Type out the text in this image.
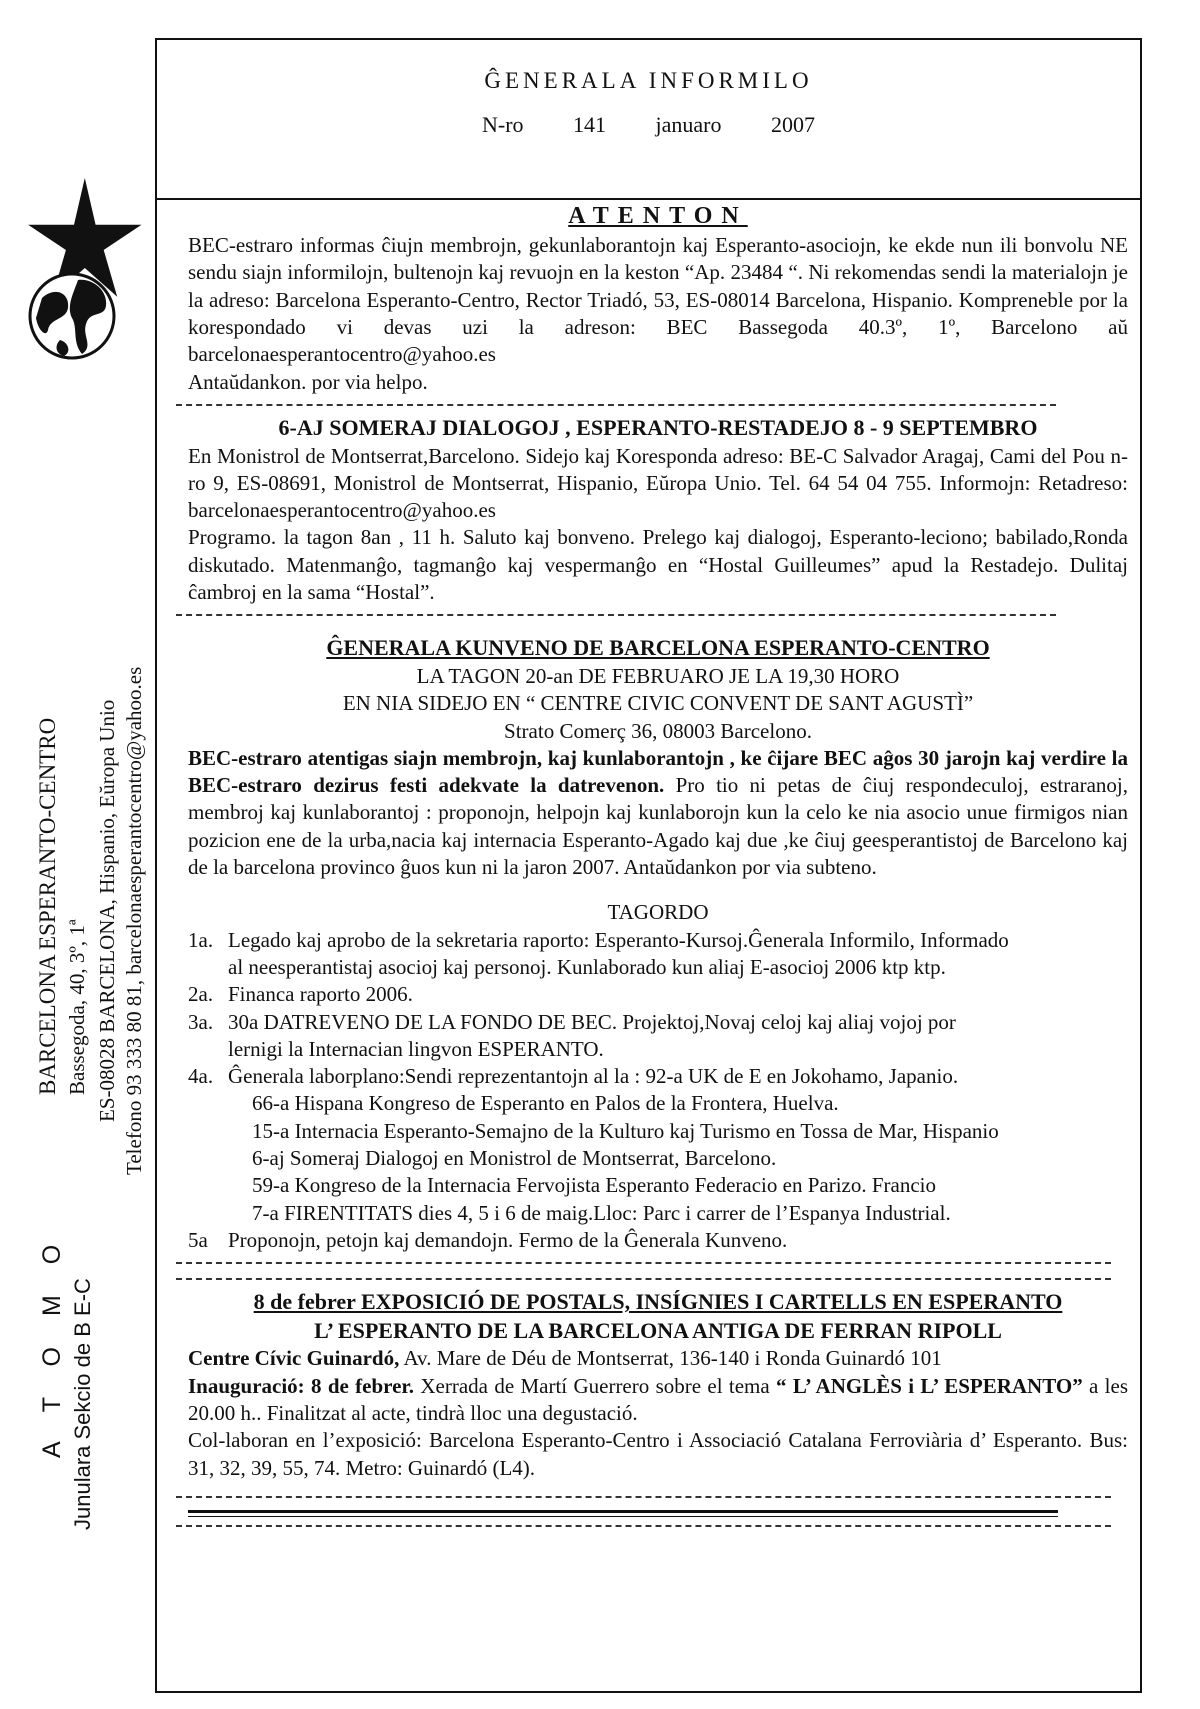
ĜENERALA INFORMILO
N-ro 141 januaro 2007
BARCELONA ESPERANTO-CENTRO Bassegoda, 40, 3º, 1ª ES-08028 BARCELONA, Hispanio, Eŭropa Unio Telefono 93 333 80 81, barcelonaesperantocentro@yahoo.es
A T O M O Junulara Sekcio de B E-C
ATENTON

BEC-estraro informas ĉiujn membrojn, gekunlaborantojn kaj Esperanto-asociojn, ke ekde nun ili bonvolu NE sendu siajn informilojn, bultenojn kaj revuojn en la keston “Ap. 23484 “. Ni rekomendas sendi la materialojn je la adreso: Barcelona Esperanto-Centro, Rector Triadó, 53, ES-08014 Barcelona, Hispanio. Kompreneble por la korespondado vi devas uzi la adreson: BEC Bassegoda 40.3º, 1º, Barcelono aŭ barcelonaesperantocentro@yahoo.es

Antaŭdankon. por via helpo.

6-AJ SOMERAJ DIALOGOJ , ESPERANTO-RESTADEJO 8 - 9 SEPTEMBRO

En Monistrol de Montserrat,Barcelono. Sidejo kaj Koresponda adreso: BE-C Salvador Aragaj, Cami del Pou n-ro 9, ES-08691, Monistrol de Montserrat, Hispanio, Eŭropa Unio. Tel. 64 54 04 755. Informojn: Retadreso: barcelonaesperantocentro@yahoo.es

Programo. la tagon 8an , 11 h. Saluto kaj bonveno. Prelego kaj dialogoj, Esperanto-leciono; babilado,Ronda diskutado. Matenmanĝo, tagmanĝo kaj vespermanĝo en “Hostal Guilleumes” apud la Restadejo. Dulitaj ĉambroj en la sama “Hostal”.

ĜENERALA KUNVENO DE BARCELONA ESPERANTO-CENTRO
LA TAGON 20-an DE FEBRUARO JE LA 19,30 HORO
EN NIA SIDEJO EN “ CENTRE CIVIC CONVENT DE SANT AGUSTÌ”
Strato Comerç 36, 08003 Barcelono.

BEC-estraro atentigas siajn membrojn, kaj kunlaborantojn , ke ĉijare BEC aĝos 30 jarojn kaj verdire la BEC-estraro dezirus festi adekvate la datrevenon. Pro tio ni petas de ĉiuj respondeculoj, estraranoj, membroj kaj kunlaborantoj : proponojn, helpojn kaj kunlaborojn kun la celo ke nia asocio unue firmigos nian pozicion ene de la urba,nacia kaj internacia Esperanto-Agado kaj due ,ke ĉiuj geesperantistoj de Barcelono kaj de la barcelona provinco ĝuos kun ni la jaron 2007. Antaŭdankon por via subteno.

TAGORDO
1a. Legado kaj aprobo de la sekretaria raporto: Esperanto-Kursoj.Ĝenerala Informilo, Informado
al neesperantistaj asocioj kaj personoj. Kunlaborado kun aliaj E-asocioj 2006 ktp ktp.
2a. Financa raporto 2006.
3a. 30a DATREVENO DE LA FONDO DE BEC. Projektoj,Novaj celoj kaj aliaj vojoj por
lernigi la Internacian lingvon ESPERANTO.
4a. Ĝenerala laborplano:Sendi reprezentantojn al la : 92-a UK de E en Jokohamo, Japanio.
66-a Hispana Kongreso de Esperanto en Palos de la Frontera, Huelva.
15-a Internacia Esperanto-Semajno de la Kulturo kaj Turismo en Tossa de Mar, Hispanio
6-aj Someraj Dialogoj en Monistrol de Montserrat, Barcelono.
59-a Kongreso de la Internacia Fervojista Esperanto Federacio en Parizo. Francio
7-a FIRENTITATS dies 4, 5 i 6 de maig.Lloc: Parc i carrer de l’Espanya Industrial.
5a Proponojn, petojn kaj demandojn. Fermo de la Ĝenerala Kunveno.
8 de febrer EXPOSICIÓ DE POSTALS, INSÍGNIES I CARTELLS EN ESPERANTO
L’ ESPERANTO DE LA BARCELONA ANTIGA DE FERRAN RIPOLL

Centre Cívic Guinardó, Av. Mare de Déu de Montserrat, 136-140 i Ronda Guinardó 101

Inauguració: 8 de febrer. Xerrada de Martí Guerrero sobre el tema “ L’ ANGLÈS i L’ ESPERANTO” a les 20.00 h.. Finalitzat al acte, tindrà lloc una degustació.

Col-laboran en l’exposició: Barcelona Esperanto-Centro i Associació Catalana Ferroviària d’ Esperanto. Bus: 31, 32, 39, 55, 74. Metro: Guinardó (L4).
